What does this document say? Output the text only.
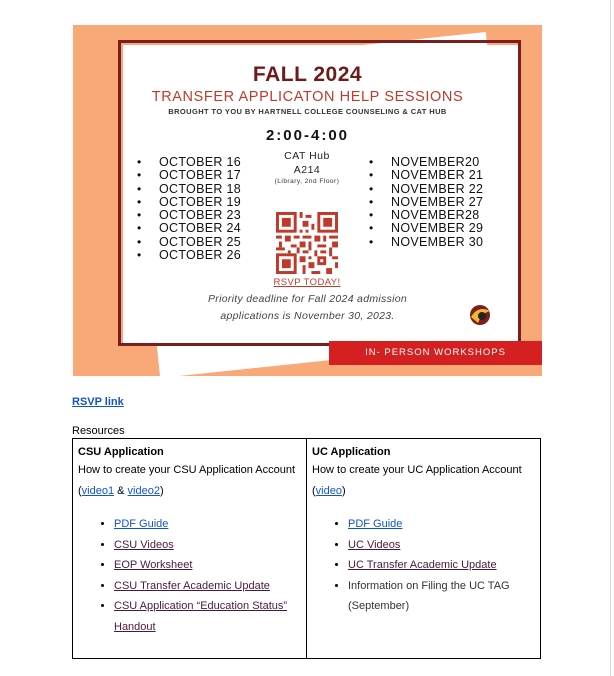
FALL 2024
TRANSFER APPLICATON HELP SESSIONS
BROUGHT TO YOU BY HARTNELL COLLEGE COUNSELING & CAT HUB
2:00-4:00
CAT Hub
A214
(Library, 2nd Floor)
• OCTOBER 16
• OCTOBER 17
• OCTOBER 18
• OCTOBER 19
• OCTOBER 23
• OCTOBER 24
• OCTOBER 25
• OCTOBER 26
• NOVEMBER20
• NOVEMBER 21
• NOVEMBER 22
• NOVEMBER 27
• NOVEMBER28
• NOVEMBER 29
• NOVEMBER 30
RSVP TODAY!
Priority deadline for Fall 2024 admission
applications is November 30, 2023.
IN- PERSON WORKSHOPS
RSVP link
Resources
CSU Application
How to create your CSU Application Account
(video1 & video2)
• PDF Guide
• CSU Videos
• EOP Worksheet
• CSU Transfer Academic Update
• CSU Application “Education Status” Handout

UC Application
How to create your UC Application Account
(video)
• PDF Guide
• UC Videos
• UC Transfer Academic Update
• Information on Filing the UC TAG (September)
